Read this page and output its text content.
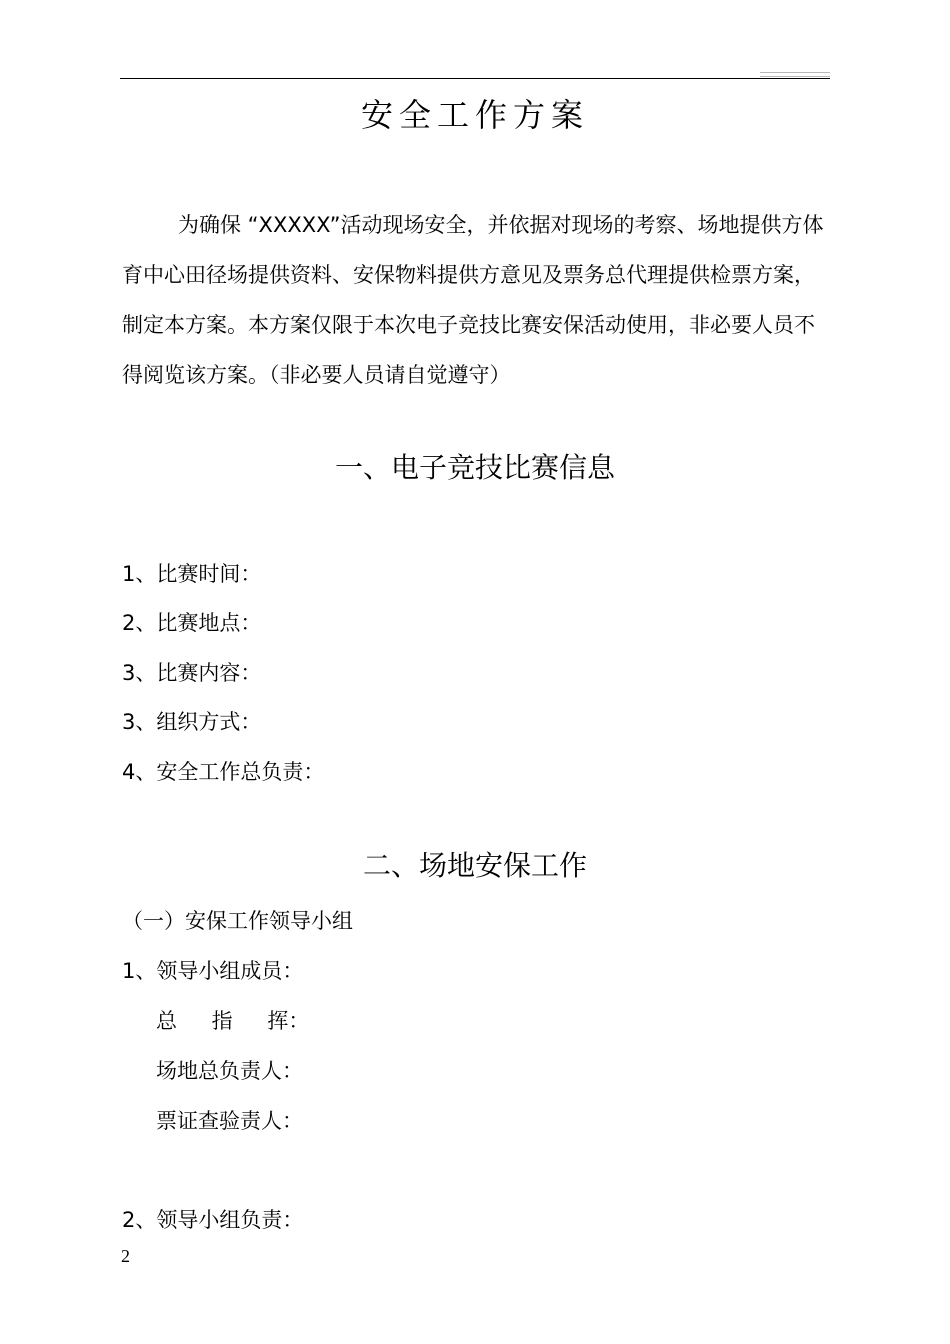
安全工作方案

为确保 “XXXXX”活动现场安全，并依据对现场的考察、场地提供方体育中心田径场提供资料、安保物料提供方意见及票务总代理提供检票方案，制定本方案。本方案仅限于本次电子竞技比赛安保活动使用，非必要人员不得阅览该方案。（非必要人员请自觉遵守）

一、电子竞技比赛信息

1、比赛时间：

2、比赛地点：

3、比赛内容：

3、组织方式：

4、安全工作总负责：

二、场地安保工作

（一）安保工作领导小组

1、领导小组成员：

总 指 挥：

场地总负责人：

票证查验责人：

2、领导小组负责：

2
